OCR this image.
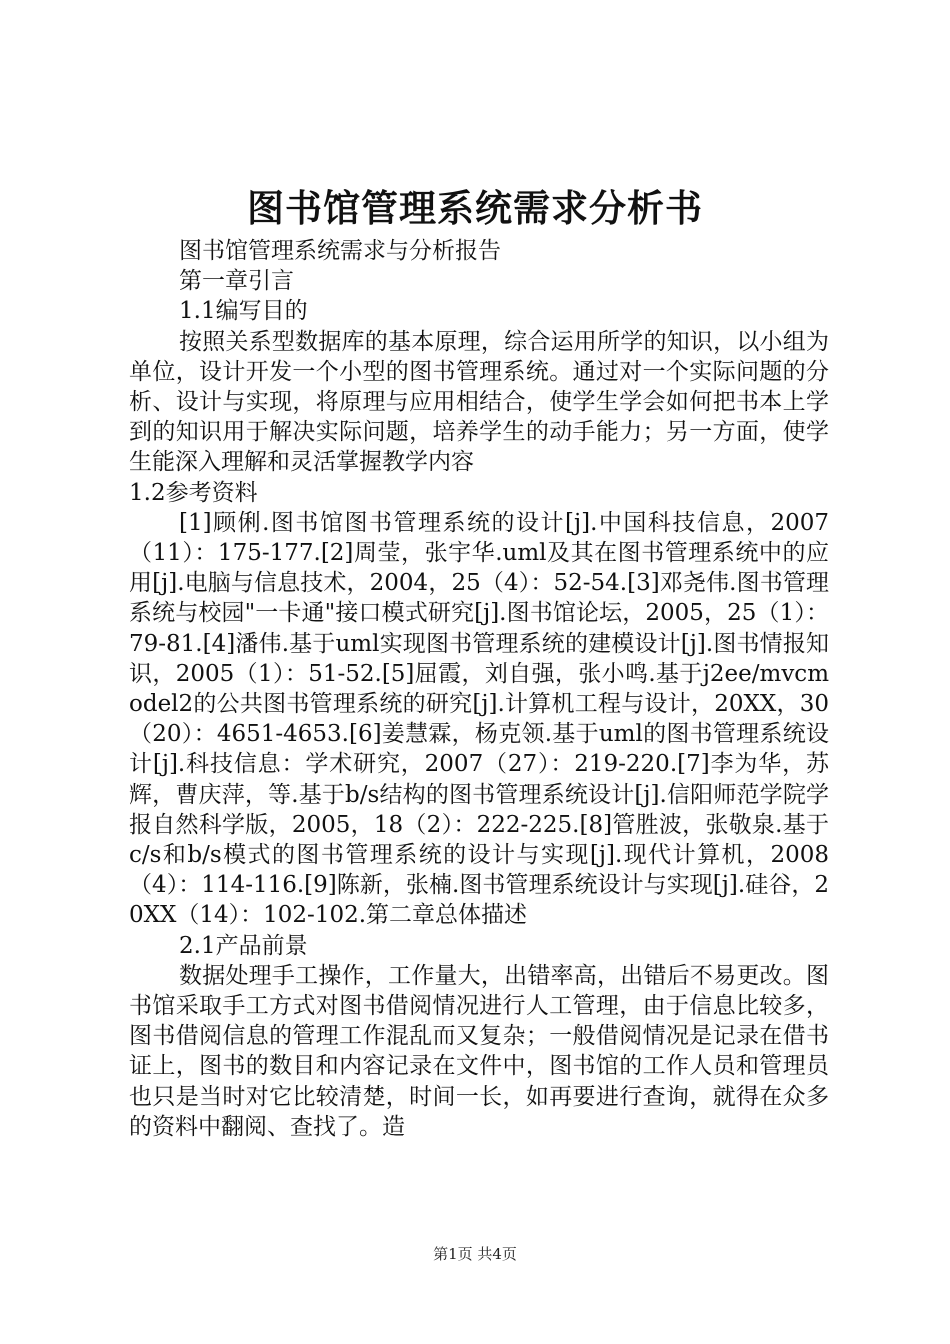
图书馆管理系统需求分析书

图书馆管理系统需求与分析报告

第一章引言

1.1编写目的

按照关系型数据库的基本原理，综合运用所学的知识，以小组为单位，设计开发一个小型的图书管理系统。通过对一个实际问题的分析、设计与实现，将原理与应用相结合，使学生学会如何把书本上学到的知识用于解决实际问题，培养学生的动手能力；另一方面，使学生能深入理解和灵活掌握教学内容

1.2参考资料

[1]顾俐.图书馆图书管理系统的设计[j].中国科技信息，2007（11）：175-177.[2]周莹，张宇华.uml及其在图书管理系统中的应用[j].电脑与信息技术，2004，25（4）：52-54.[3]邓尧伟.图书管理系统与校园"一卡通"接口模式研究[j].图书馆论坛，2005，25（1）：79-81.[4]潘伟.基于uml实现图书管理系统的建模设计[j].图书情报知识，2005（1）：51-52.[5]屈霞，刘自强，张小鸣.基于j2ee/mvcmodel2的公共图书管理系统的研究[j].计算机工程与设计，20XX，30（20）：4651-4653.[6]姜慧霖，杨克领.基于uml的图书管理系统设计[j].科技信息：学术研究，2007（27）：219-220.[7]李为华，苏辉，曹庆萍，等.基于b/s结构的图书管理系统设计[j].信阳师范学院学报自然科学版，2005，18（2）：222-225.[8]管胜波，张敬泉.基于c/s和b/s模式的图书管理系统的设计与实现[j].现代计算机，2008（4）：114-116.[9]陈新，张楠.图书管理系统设计与实现[j].硅谷，20XX（14）：102-102.第二章总体描述

2.1产品前景

数据处理手工操作，工作量大，出错率高，出错后不易更改。图书馆采取手工方式对图书借阅情况进行人工管理，由于信息比较多，图书借阅信息的管理工作混乱而又复杂；一般借阅情况是记录在借书证上，图书的数目和内容记录在文件中，图书馆的工作人员和管理员也只是当时对它比较清楚，时间一长，如再要进行查询，就得在众多的资料中翻阅、查找了。造

第1页 共4页
